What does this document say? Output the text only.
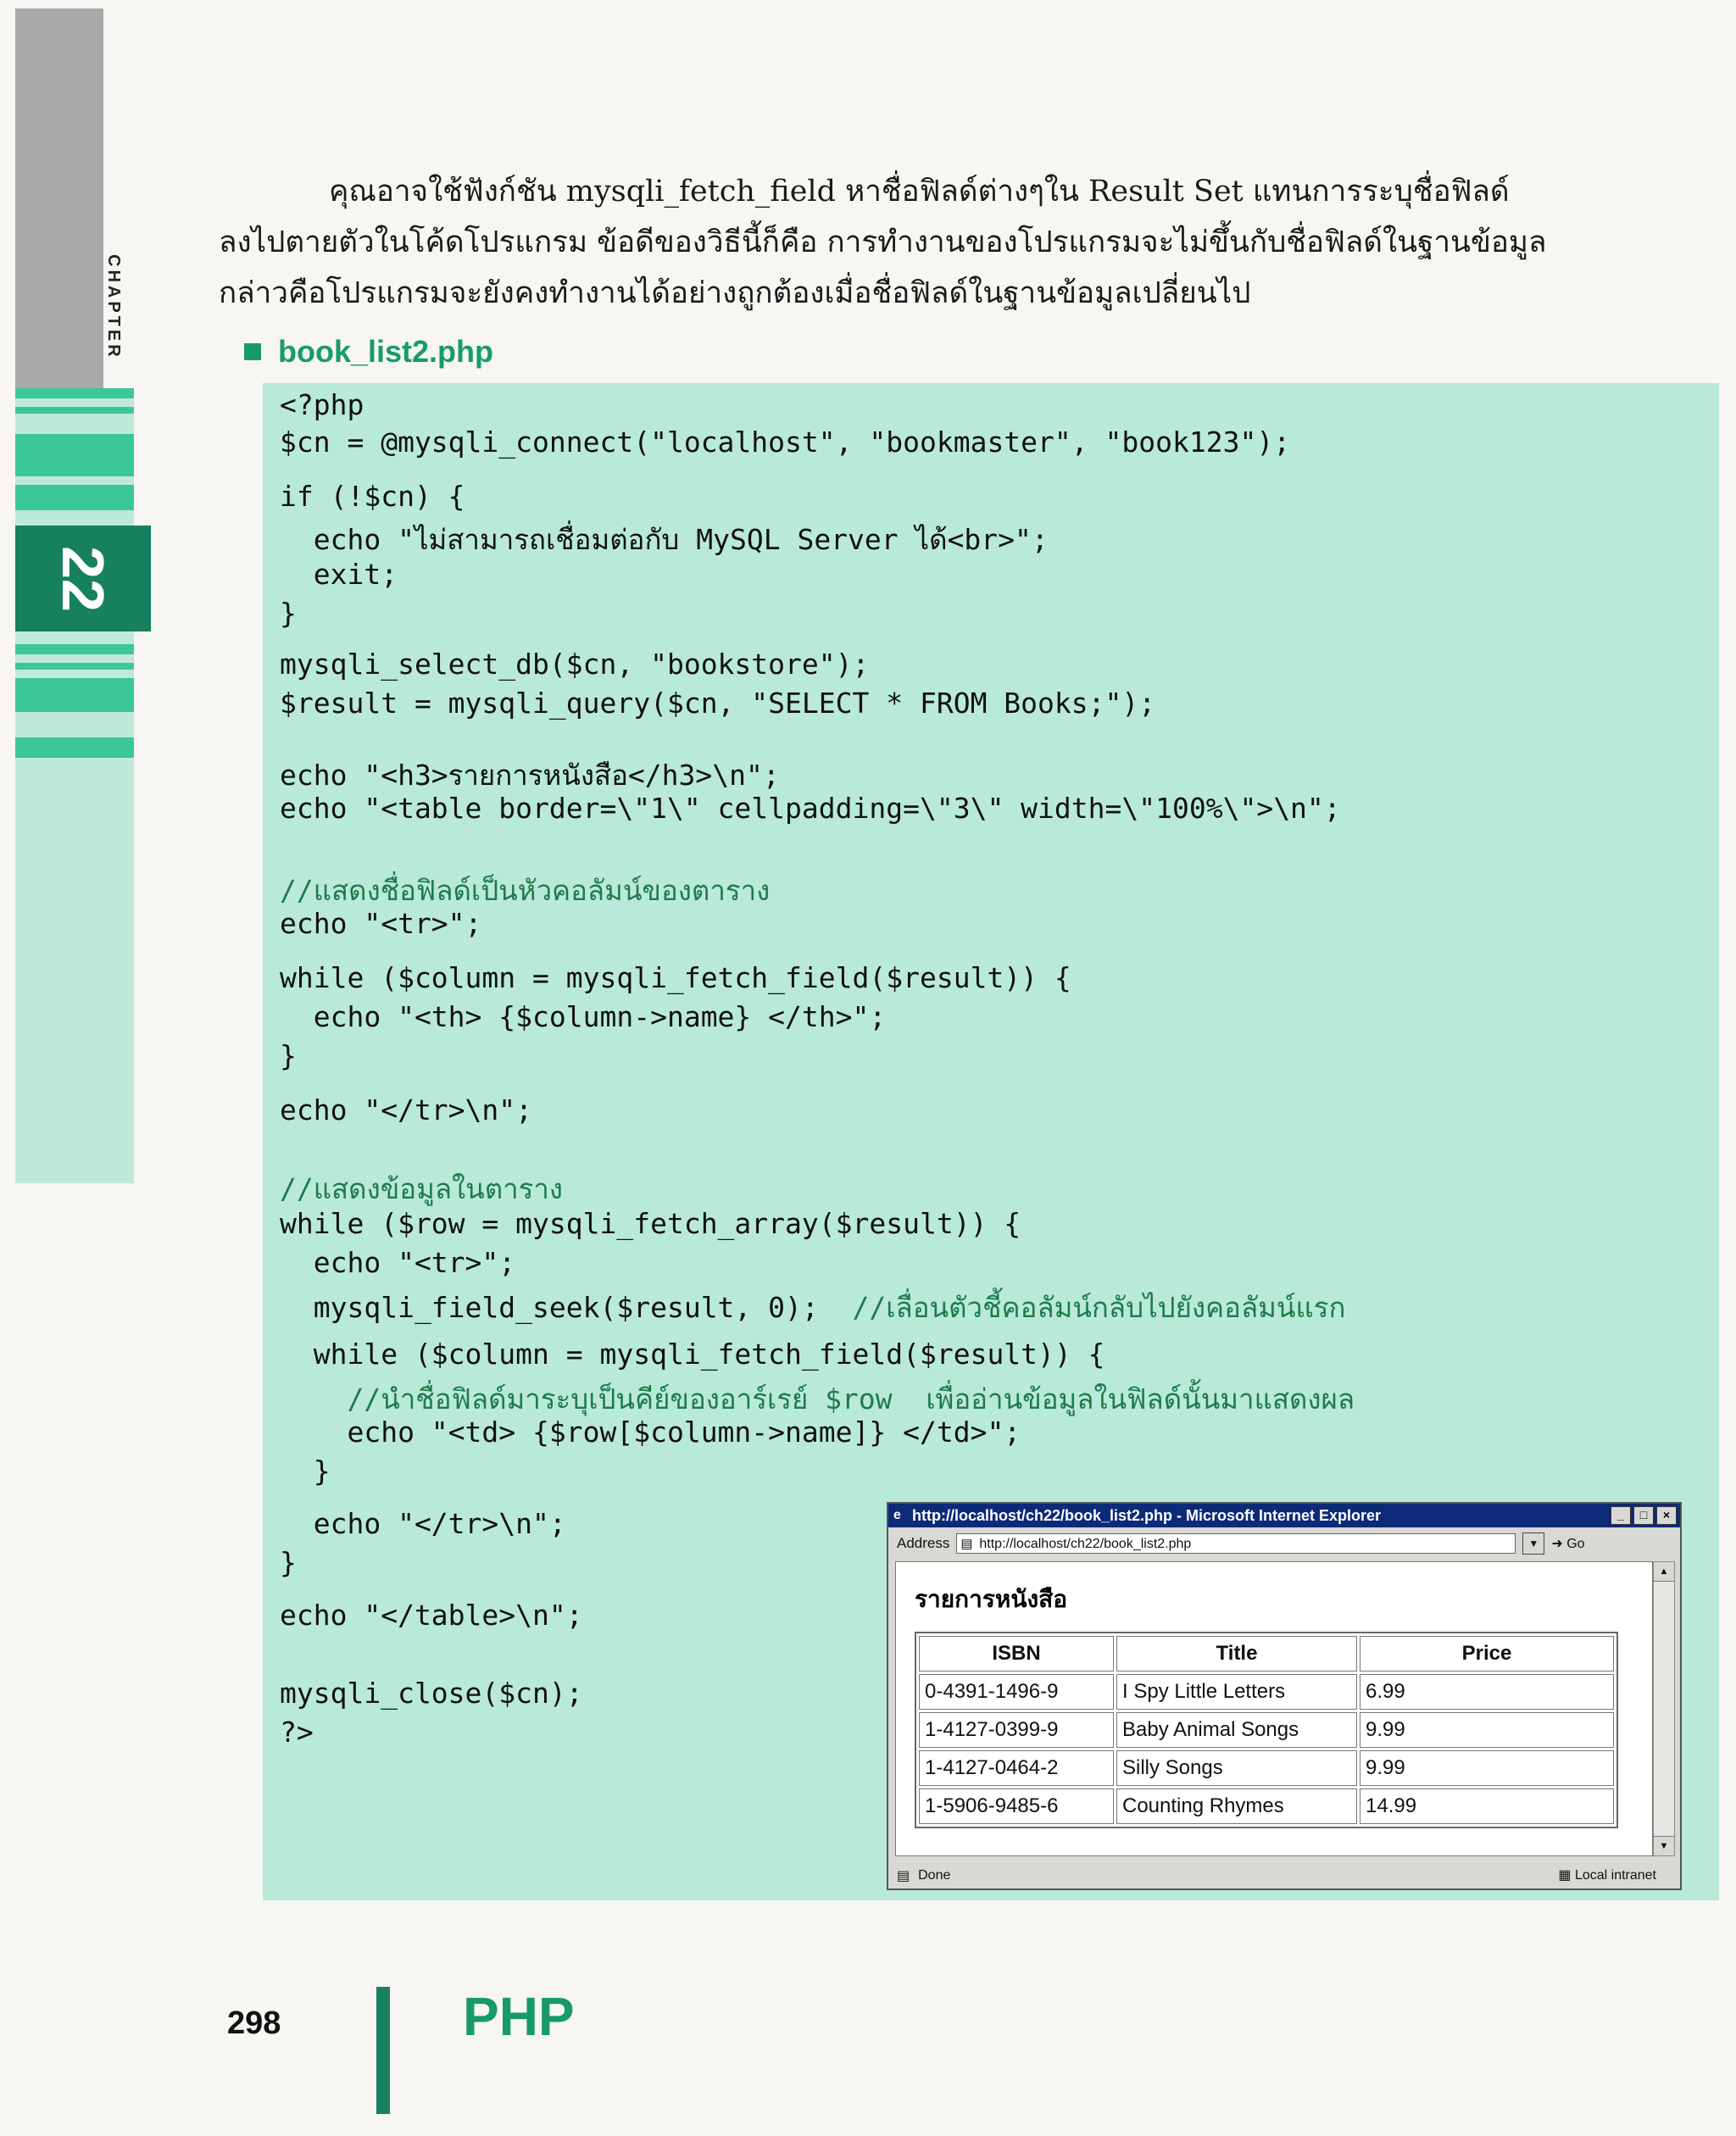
22
CHAPTER

คุณอาจใช้ฟังก์ชัน mysqli_fetch_field หาชื่อฟิลด์ต่างๆใน Result Set แทนการระบุชื่อฟิลด์

ลงไปตายตัวในโค้ดโปรแกรม ข้อดีของวิธีนี้ก็คือ การทำงานของโปรแกรมจะไม่ขึ้นกับชื่อฟิลด์ในฐานข้อมูล

กล่าวคือโปรแกรมจะยังคงทำงานได้อย่างถูกต้องเมื่อชื่อฟิลด์ในฐานข้อมูลเปลี่ยนไป

book_list2.php
<?php
$cn = @mysqli_connect("localhost", "bookmaster", "book123");
if (!$cn) {
echo "ไม่สามารถเชื่อมต่อกับ MySQL Server ได้<br>";
exit;
}
mysqli_select_db($cn, "bookstore");
$result = mysqli_query($cn, "SELECT * FROM Books;");
echo "<h3>รายการหนังสือ</h3>\n";
echo "<table border=\"1\" cellpadding=\"3\" width=\"100%\">\n";
//แสดงชื่อฟิลด์เป็นหัวคอลัมน์ของตาราง
echo "<tr>";
while ($column = mysqli_fetch_field($result)) {
echo "<th> {$column->name} </th>";
}
echo "</tr>\n";
//แสดงข้อมูลในตาราง
while ($row = mysqli_fetch_array($result)) {
echo "<tr>";
mysqli_field_seek($result, 0);  //เลื่อนตัวชี้คอลัมน์กลับไปยังคอลัมน์แรก
while ($column = mysqli_fetch_field($result)) {
//นำชื่อฟิลด์มาระบุเป็นคีย์ของอาร์เรย์ $row  เพื่ออ่านข้อมูลในฟิลด์นั้นมาแสดงผล
echo "<td> {$row[$column->name]} </td>";
}
echo "</tr>\n";
}
echo "</table>\n";
mysqli_close($cn);
?>
e http://localhost/ch22/book_list2.php - Microsoft Internet Explorer	_	□	×
Address ▤ http://localhost/ch22/book_list2.php	▼ ➜ Go
รายการหนังสือ
ISBN	Title	Price
0-4391-1496-9	I Spy Little Letters	6.99
1-4127-0399-9	Baby Animal Songs	9.99
1-4127-0464-2	Silly Songs	9.99
1-5906-9485-6	Counting Rhymes	14.99
▲
▼
▤ Done	▦ Local intranet
298	PHP
